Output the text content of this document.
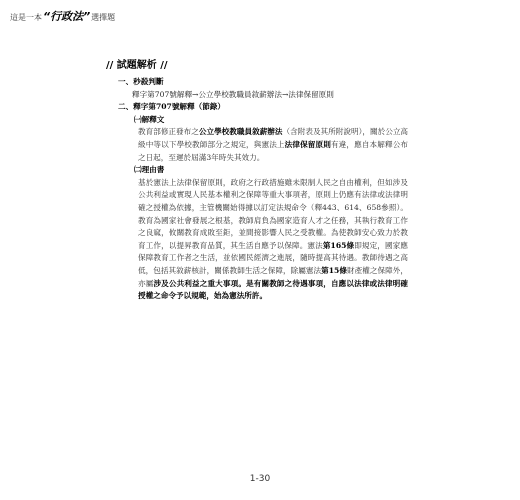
這是一本 “行政法” 選擇題
// 試題解析 //
一、秒殺判斷
釋字第707號解釋→公立學校教職員敘薪辦法→法律保留原則
二、釋字第707號解釋（節錄）
㈠解釋文
教育部修正發布之公立學校教職員敘薪辦法（含附表及其所附說明），關於公立高級中等以下學校教師部分之規定，與憲法上法律保留原則有違，應自本解釋公布之日起，至遲於屆滿3年時失其效力。
㈡理由書
基於憲法上法律保留原則，政府之行政措施雖未限制人民之自由權利，但如涉及公共利益或實現人民基本權利之保障等重大事項者，原則上仍應有法律或法律明確之授權為依據，主管機關始得據以訂定法規命令（釋443、614、658參照）。教育為國家社會發展之根基，教師肩負為國家造育人才之任務，其執行教育工作之良窳，攸關教育成敗至鉅，並間接影響人民之受教權。為使教師安心致力於教育工作，以提昇教育品質，其生活自應予以保障。憲法第165條即規定，國家應保障教育工作者之生活，並依國民經濟之進展，隨時提高其待遇。教師待遇之高低，包括其敘薪核計，關係教師生活之保障，除屬憲法第15條財產權之保障外，亦屬涉及公共利益之重大事項。是有關教師之待遇事項，自應以法律或法律明確授權之命令予以規範，始為憲法所許。
1-30
